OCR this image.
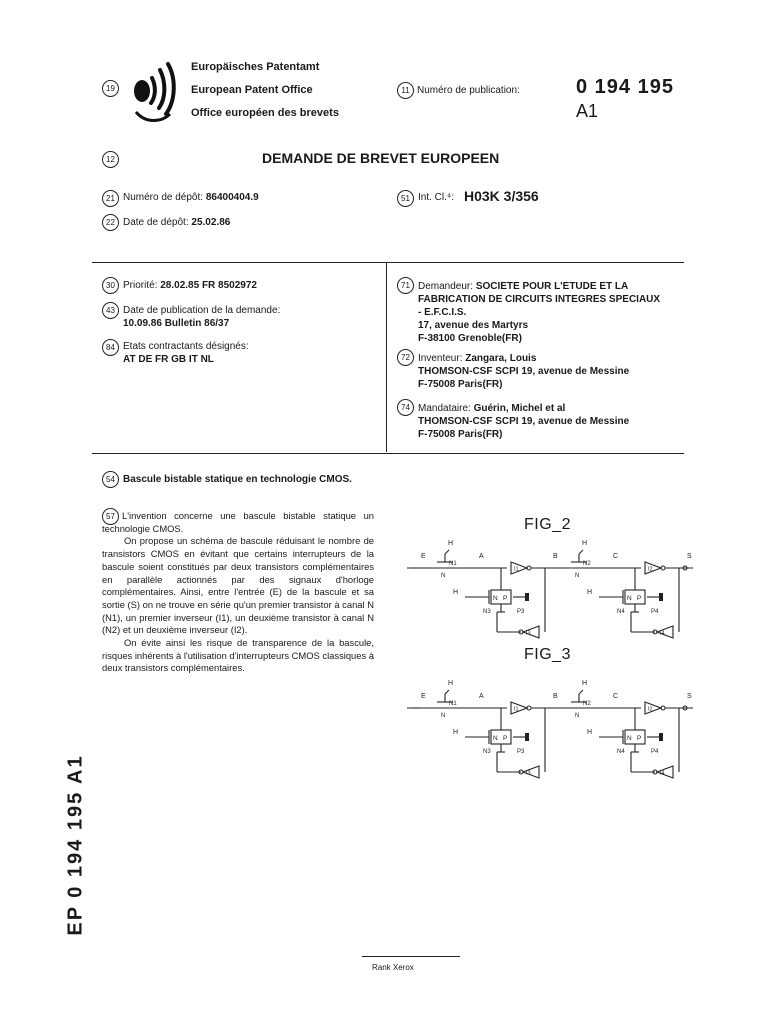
19
Europäisches Patentamt
European Patent Office
Office européen des brevets
11 Numéro de publication:	0 194 195
A1
12	DEMANDE DE BREVET EUROPEEN
21 Numéro de dépôt: 86400404.9
22 Date de dépôt: 25.02.86
51 Int. Cl.⁴: H03K 3/356
30 Priorité: 28.02.85 FR 8502972
43 Date de publication de la demande:
10.09.86 Bulletin 86/37
84 Etats contractants désignés:
AT DE FR GB IT NL
71 Demandeur: SOCIETE POUR L'ETUDE ET LA
FABRICATION DE CIRCUITS INTEGRES SPECIAUX
- E.F.C.I.S.
17, avenue des Martyrs
F-38100 Grenoble(FR)
72 Inventeur: Zangara, Louis
THOMSON-CSF SCPI 19, avenue de Messine
F-75008 Paris(FR)
74 Mandataire: Guérin, Michel et al
THOMSON-CSF SCPI 19, avenue de Messine
F-75008 Paris(FR)
54 Bascule bistable statique en technologie CMOS.
57 L'invention concerne une bascule bistable statique un technologie CMOS.

On propose un schéma de bascule réduisant le nombre de transistors CMOS en évitant que certains interrupteurs de la bascule soient constitués par deux transistors complémentaires en parallèle actionnés par des signaux d'horloge complémentaires. Ainsi, entre l'entrée (E) de la bascule et sa sortie (S) on ne trouve en série qu'un premier transistor à canal N (N1), un premier inverseur (I1), un deuxième transistor à canal N (N2) et un deuxième inverseur (I2).

On évite ainsi les risque de transparence de la bascule, risques inhérents à l'utilisation d'interrupteurs CMOS classiques à deux transistors complémentaires.

FIG_2
FIG_3
H
N1
N
E	A
I1
B
I3
N P
H
N3	P3
H
N2
N
C
I2
S
I4
N P
H
N4	P4
H
N1
N
E	A
I1
B
I3
N P
H
N3	P3
H
N2
N
C
I2
S
I4
N P
H
N4	P4
EP 0 194 195 A1
Rank Xerox
